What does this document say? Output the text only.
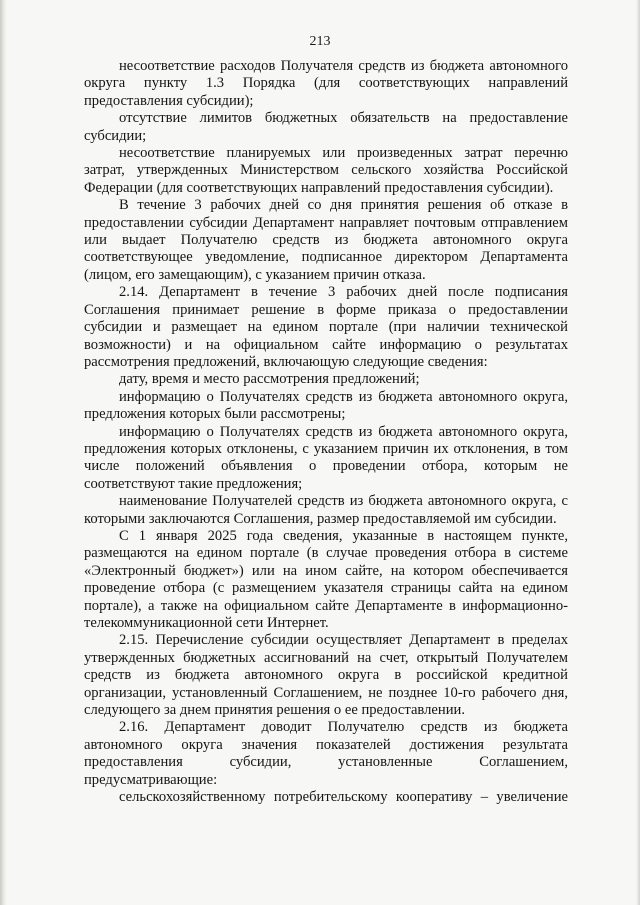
213

несоответствие расходов Получателя средств из бюджета автономного округа пункту 1.3 Порядка (для соответствующих направлений предоставления субсидии);

отсутствие лимитов бюджетных обязательств на предоставление субсидии;

несоответствие планируемых или произведенных затрат перечню затрат, утвержденных Министерством сельского хозяйства Российской Федерации (для соответствующих направлений предоставления субсидии).

В течение 3 рабочих дней со дня принятия решения об отказе в предоставлении субсидии Департамент направляет почтовым отправлением или выдает Получателю средств из бюджета автономного округа соответствующее уведомление, подписанное директором Департамента (лицом, его замещающим), с указанием причин отказа.

2.14. Департамент в течение 3 рабочих дней после подписания Соглашения принимает решение в форме приказа о предоставлении субсидии и размещает на едином портале (при наличии технической возможности) и на официальном сайте информацию о результатах рассмотрения предложений, включающую следующие сведения:

дату, время и место рассмотрения предложений;

информацию о Получателях средств из бюджета автономного округа, предложения которых были рассмотрены;

информацию о Получателях средств из бюджета автономного округа, предложения которых отклонены, с указанием причин их отклонения, в том числе положений объявления о проведении отбора, которым не соответствуют такие предложения;

наименование Получателей средств из бюджета автономного округа, с которыми заключаются Соглашения, размер предоставляемой им субсидии.

С 1 января 2025 года сведения, указанные в настоящем пункте, размещаются на едином портале (в случае проведения отбора в системе «Электронный бюджет») или на ином сайте, на котором обеспечивается проведение отбора (с размещением указателя страницы сайта на едином портале), а также на официальном сайте Департаменте в информационно-телекоммуникационной сети Интернет.

2.15. Перечисление субсидии осуществляет Департамент в пределах утвержденных бюджетных ассигнований на счет, открытый Получателем средств из бюджета автономного округа в российской кредитной организации, установленный Соглашением, не позднее 10-го рабочего дня, следующего за днем принятия решения о ее предоставлении.

2.16. Департамент доводит Получателю средств из бюджета автономного округа значения показателей достижения результата предоставления субсидии, установленные Соглашением, предусматривающие:

сельскохозяйственному потребительскому кооперативу – увеличение
